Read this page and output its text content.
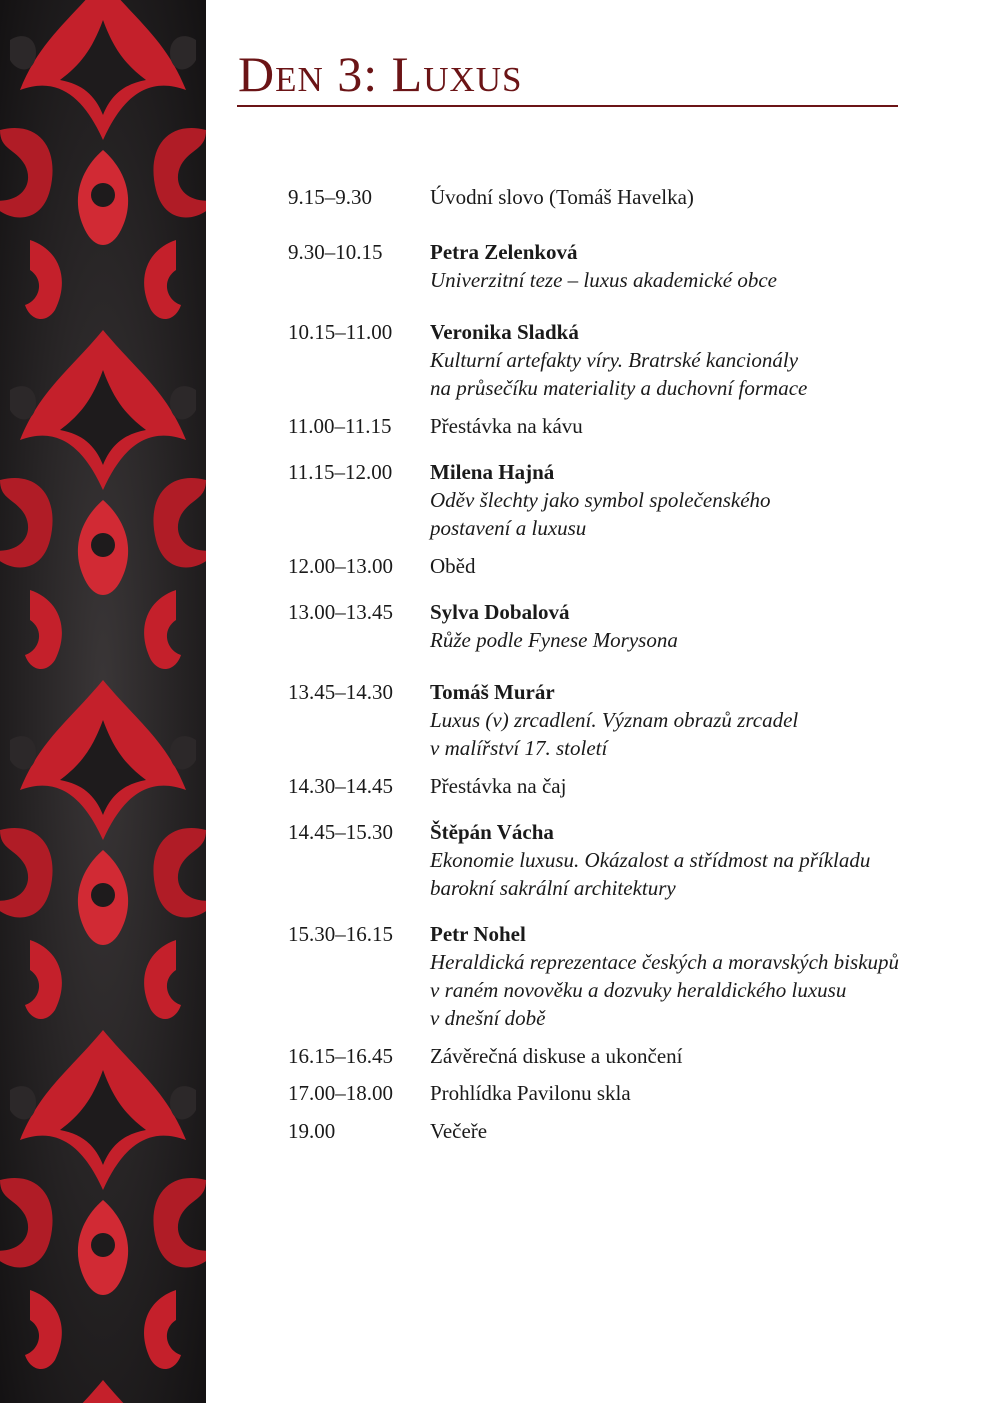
Den 3: Luxus
9.15–9.30	Úvodní slovo (Tomáš Havelka)
9.30–10.15	Petra Zelenková
Univerzitní teze – luxus akademické obce
10.15–11.00	Veronika Sladká
Kulturní artefakty víry. Bratrské kancionály
na průsečíku materiality a duchovní formace
11.00–11.15	Přestávka na kávu
11.15–12.00	Milena Hajná
Oděv šlechty jako symbol společenského
postavení a luxusu
12.00–13.00	Oběd
13.00–13.45	Sylva Dobalová
Růže podle Fynese Morysona
13.45–14.30	Tomáš Murár
Luxus (v) zrcadlení. Význam obrazů zrcadel
v malířství 17. století
14.30–14.45	Přestávka na čaj
14.45–15.30	Štěpán Vácha
Ekonomie luxusu. Okázalost a střídmost na příkladu
barokní sakrální architektury
15.30–16.15	Petr Nohel
Heraldická reprezentace českých a moravských biskupů
v raném novověku a dozvuky heraldického luxusu
v dnešní době
16.15–16.45	Závěrečná diskuse a ukončení
17.00–18.00	Prohlídka Pavilonu skla
19.00	Večeře
